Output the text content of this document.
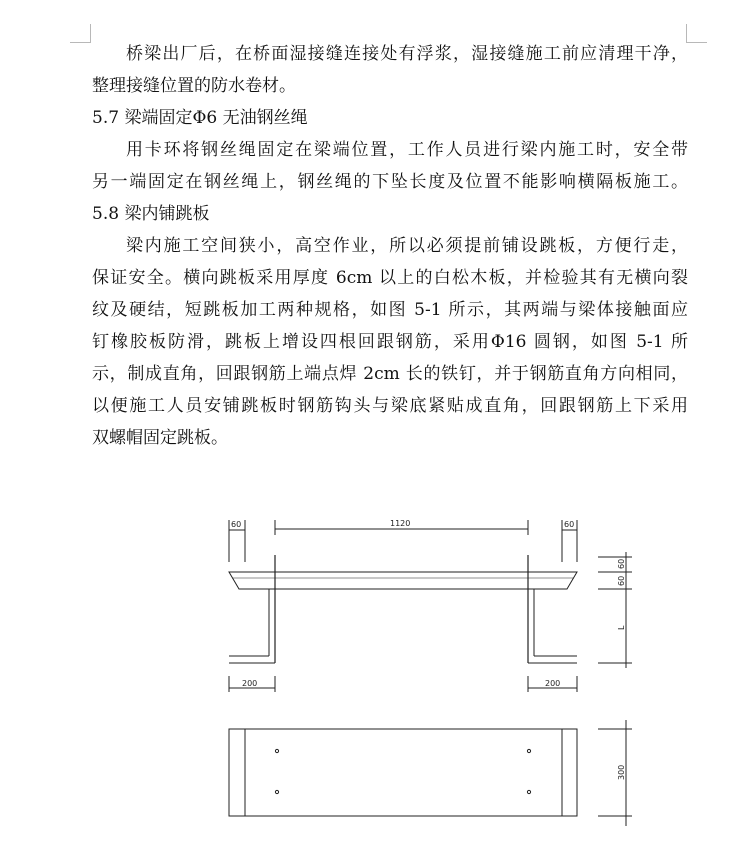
桥梁出厂后，在桥面湿接缝连接处有浮浆，湿接缝施工前应清理干净，
整理接缝位置的防水卷材。
5.7 梁端固定Φ6 无油钢丝绳
用卡环将钢丝绳固定在梁端位置，工作人员进行梁内施工时，安全带
另一端固定在钢丝绳上，钢丝绳的下坠长度及位置不能影响横隔板施工。
5.8 梁内铺跳板
梁内施工空间狭小，高空作业，所以必须提前铺设跳板，方便行走，
保证安全。横向跳板采用厚度 6cm 以上的白松木板，并检验其有无横向裂
纹及硬结，短跳板加工两种规格，如图 5-1 所示，其两端与梁体接触面应
钉橡胶板防滑，跳板上增设四根回跟钢筋，采用Φ16 圆钢，如图 5-1 所
示，制成直角，回跟钢筋上端点焊 2cm 长的铁钉，并于钢筋直角方向相同，
以便施工人员安铺跳板时钢筋钩头与梁底紧贴成直角，回跟钢筋上下采用
双螺帽固定跳板。
60	1120	60
60
60
L
200	200
300
